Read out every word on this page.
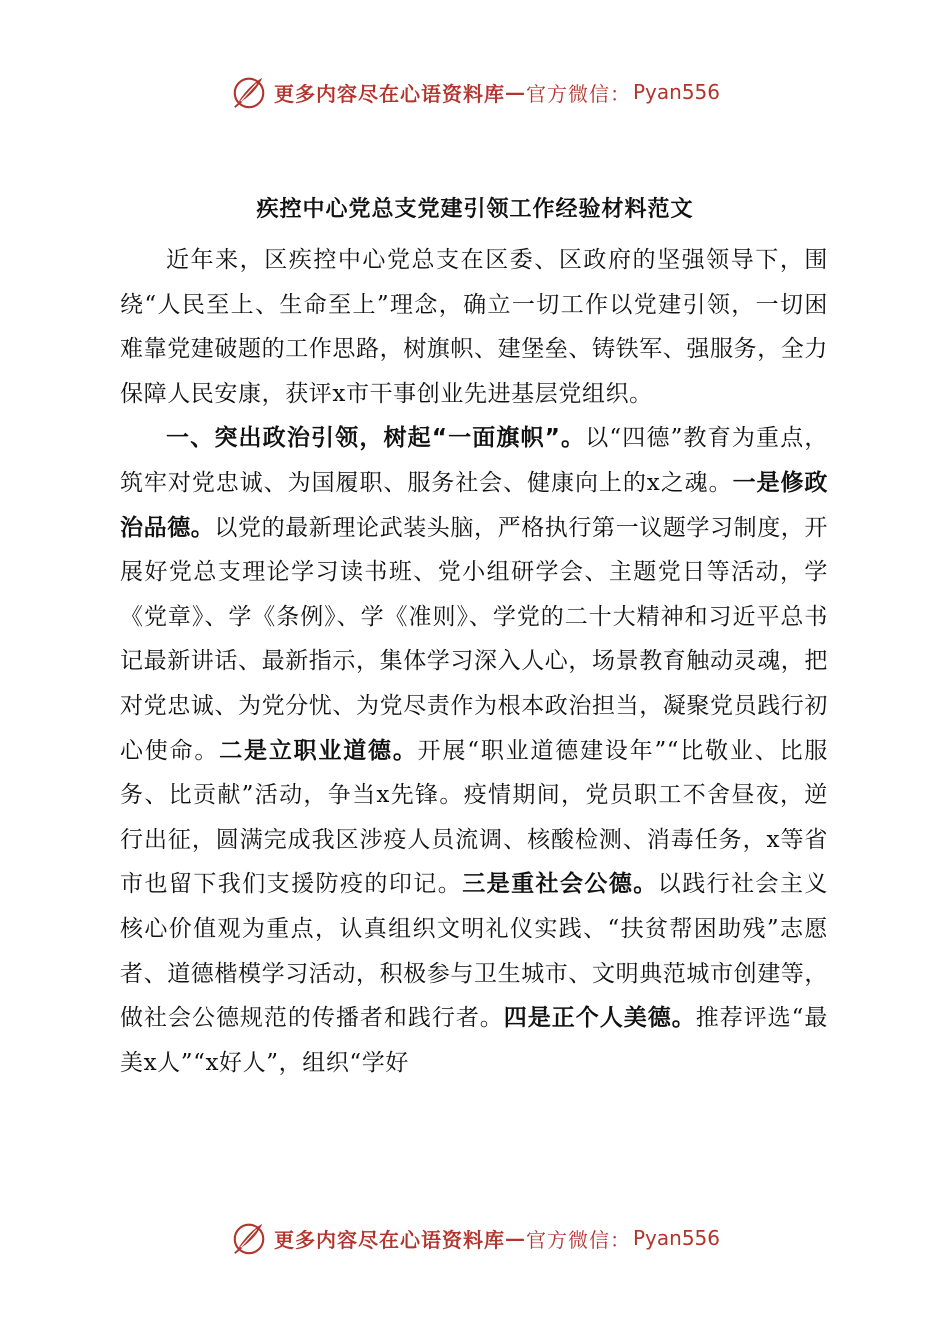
更多内容尽在心语资料库 — 官方微信： Pyan556
疾控中心党总支党建引领工作经验材料范文

近年来，区疾控中心党总支在区委、区政府的坚强领导下，围绕“人民至上、生命至上”理念，确立一切工作以党建引领，一切困难靠党建破题的工作思路，树旗帜、建堡垒、铸铁军、强服务，全力保障人民安康，获评x市干事创业先进基层党组织。

一、突出政治引领，树起“一面旗帜”。以“四德”教育为重点，筑牢对党忠诚、为国履职、服务社会、健康向上的x之魂。一是修政治品德。以党的最新理论武装头脑，严格执行第一议题学习制度，开展好党总支理论学习读书班、党小组研学会、主题党日等活动，学《党章》、学《条例》、学《准则》、学党的二十大精神和习近平总书记最新讲话、最新指示，集体学习深入人心，场景教育触动灵魂，把对党忠诚、为党分忧、为党尽责作为根本政治担当，凝聚党员践行初心使命。二是立职业道德。开展“职业道德建设年”“比敬业、比服务、比贡献”活动，争当x先锋。疫情期间，党员职工不舍昼夜，逆行出征，圆满完成我区涉疫人员流调、核酸检测、消毒任务，x等省市也留下我们支援防疫的印记。三是重社会公德。以践行社会主义核心价值观为重点，认真组织文明礼仪实践、“扶贫帮困助残”志愿者、道德楷模学习活动，积极参与卫生城市、文明典范城市创建等，做社会公德规范的传播者和践行者。四是正个人美德。推荐评选“最美x人”“x好人”，组织“学好

更多内容尽在心语资料库 — 官方微信： Pyan556
